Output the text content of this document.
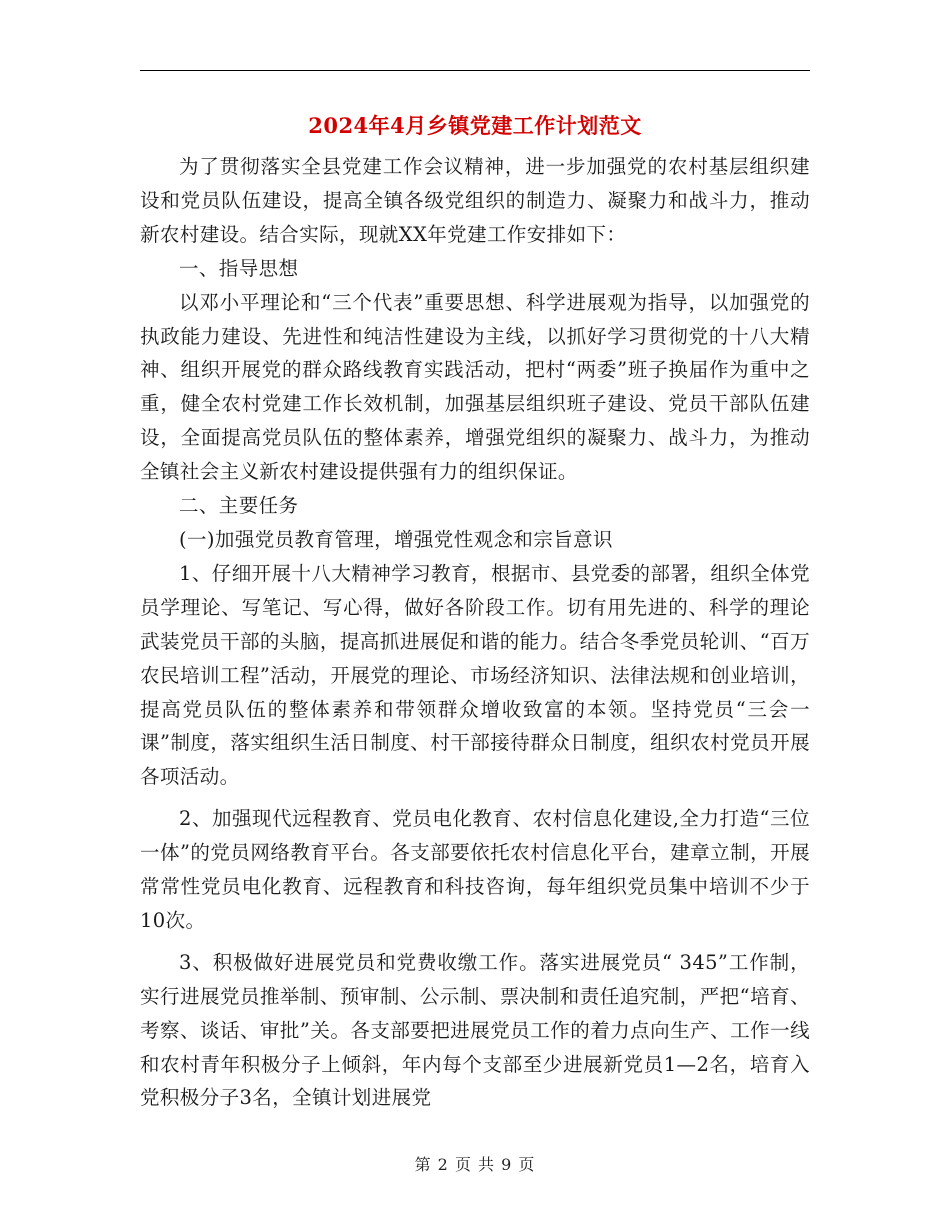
2024年4月乡镇党建工作计划范文

为了贯彻落实全县党建工作会议精神，进一步加强党的农村基层组织建设和党员队伍建设，提高全镇各级党组织的制造力、凝聚力和战斗力，推动新农村建设。结合实际，现就XX年党建工作安排如下：

一、指导思想

以邓小平理论和“三个代表”重要思想、科学进展观为指导，以加强党的执政能力建设、先进性和纯洁性建设为主线，以抓好学习贯彻党的十八大精神、组织开展党的群众路线教育实践活动，把村“两委”班子换届作为重中之重，健全农村党建工作长效机制，加强基层组织班子建设、党员干部队伍建设，全面提高党员队伍的整体素养，增强党组织的凝聚力、战斗力，为推动全镇社会主义新农村建设提供强有力的组织保证。

二、主要任务

(一)加强党员教育管理，增强党性观念和宗旨意识

1、仔细开展十八大精神学习教育，根据市、县党委的部署，组织全体党员学理论、写笔记、写心得，做好各阶段工作。切有用先进的、科学的理论武装党员干部的头脑，提高抓进展促和谐的能力。结合冬季党员轮训、“百万农民培训工程”活动，开展党的理论、市场经济知识、法律法规和创业培训，提高党员队伍的整体素养和带领群众增收致富的本领。坚持党员“三会一课”制度，落实组织生活日制度、村干部接待群众日制度，组织农村党员开展各项活动。

2、加强现代远程教育、党员电化教育、农村信息化建设,全力打造“三位一体”的党员网络教育平台。各支部要依托农村信息化平台，建章立制，开展常常性党员电化教育、远程教育和科技咨询，每年组织党员集中培训不少于10次。

3、积极做好进展党员和党费收缴工作。落实进展党员“ 345”工作制，实行进展党员推举制、预审制、公示制、票决制和责任追究制，严把“培育、考察、谈话、审批”关。各支部要把进展党员工作的着力点向生产、工作一线和农村青年积极分子上倾斜，年内每个支部至少进展新党员1—2名，培育入党积极分子3名，全镇计划进展党

第 2 页 共 9 页
